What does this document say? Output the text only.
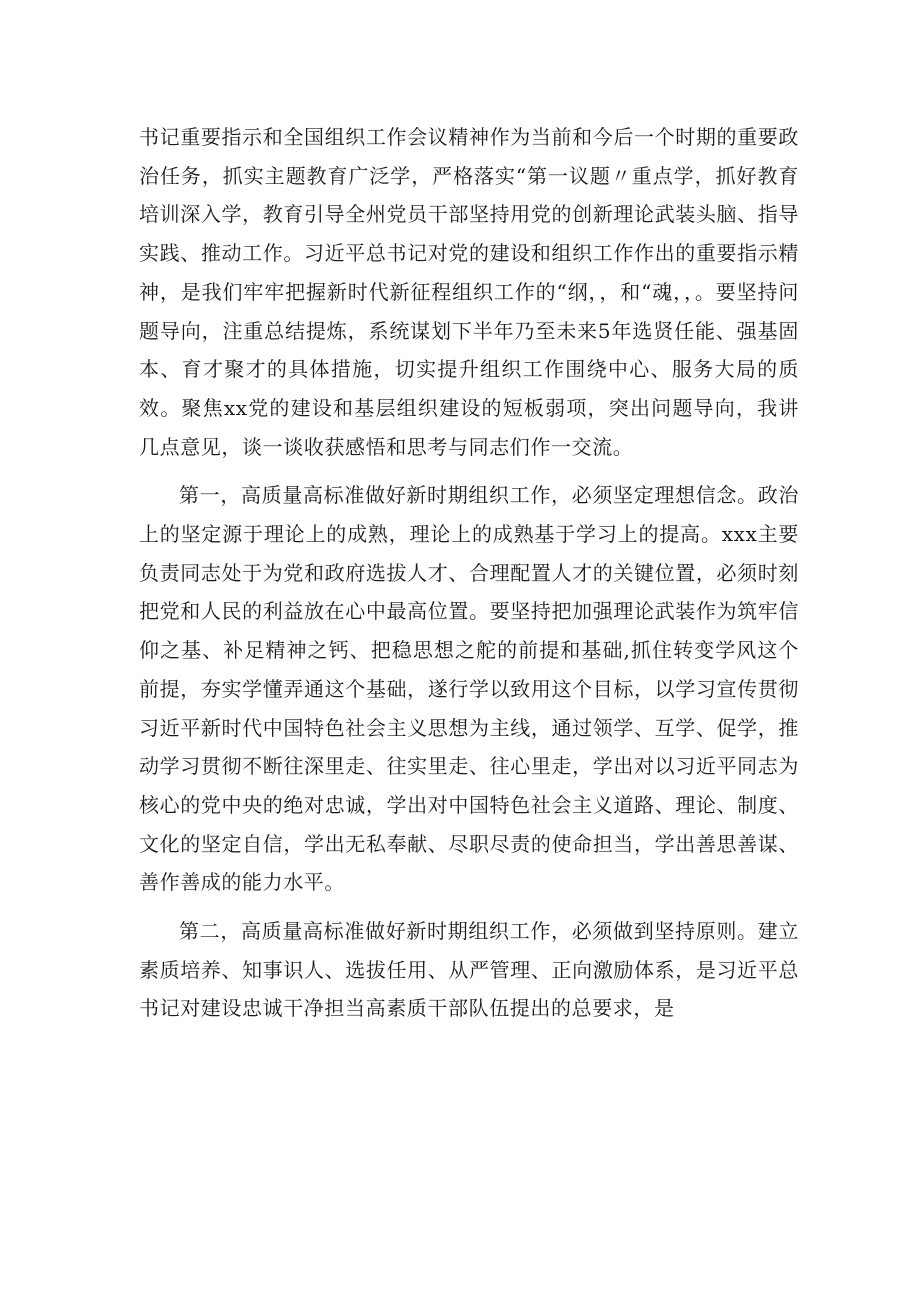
书记重要指示和全国组织工作会议精神作为当前和今后一个时期的重要政治任务，抓实主题教育广泛学，严格落实“第一议题〃重点学，抓好教育培训深入学，教育引导全州党员干部坚持用党的创新理论武装头脑、指导实践、推动工作。习近平总书记对党的建设和组织工作作出的重要指示精神，是我们牢牢把握新时代新征程组织工作的“纲，，和“魂，，。要坚持问题导向，注重总结提炼，系统谋划下半年乃至未来5年选贤任能、强基固本、育才聚才的具体措施，切实提升组织工作围绕中心、服务大局的质效。聚焦xx党的建设和基层组织建设的短板弱项，突出问题导向，我讲几点意见，谈一谈收获感悟和思考与同志们作一交流。

第一，高质量高标准做好新时期组织工作，必须坚定理想信念。政治上的坚定源于理论上的成熟，理论上的成熟基于学习上的提高。xxx主要负责同志处于为党和政府选拔人才、合理配置人才的关键位置，必须时刻把党和人民的利益放在心中最高位置。要坚持把加强理论武装作为筑牢信仰之基、补足精神之钙、把稳思想之舵的前提和基础,抓住转变学风这个前提，夯实学懂弄通这个基础，遂行学以致用这个目标，以学习宣传贯彻习近平新时代中国特色社会主义思想为主线，通过领学、互学、促学，推动学习贯彻不断往深里走、往实里走、往心里走，学出对以习近平同志为核心的党中央的绝对忠诚，学出对中国特色社会主义道路、理论、制度、文化的坚定自信，学出无私奉献、尽职尽责的使命担当，学出善思善谋、善作善成的能力水平。

第二，高质量高标准做好新时期组织工作，必须做到坚持原则。建立素质培养、知事识人、选拔任用、从严管理、正向激励体系，是习近平总书记对建设忠诚干净担当高素质干部队伍提出的总要求，是
